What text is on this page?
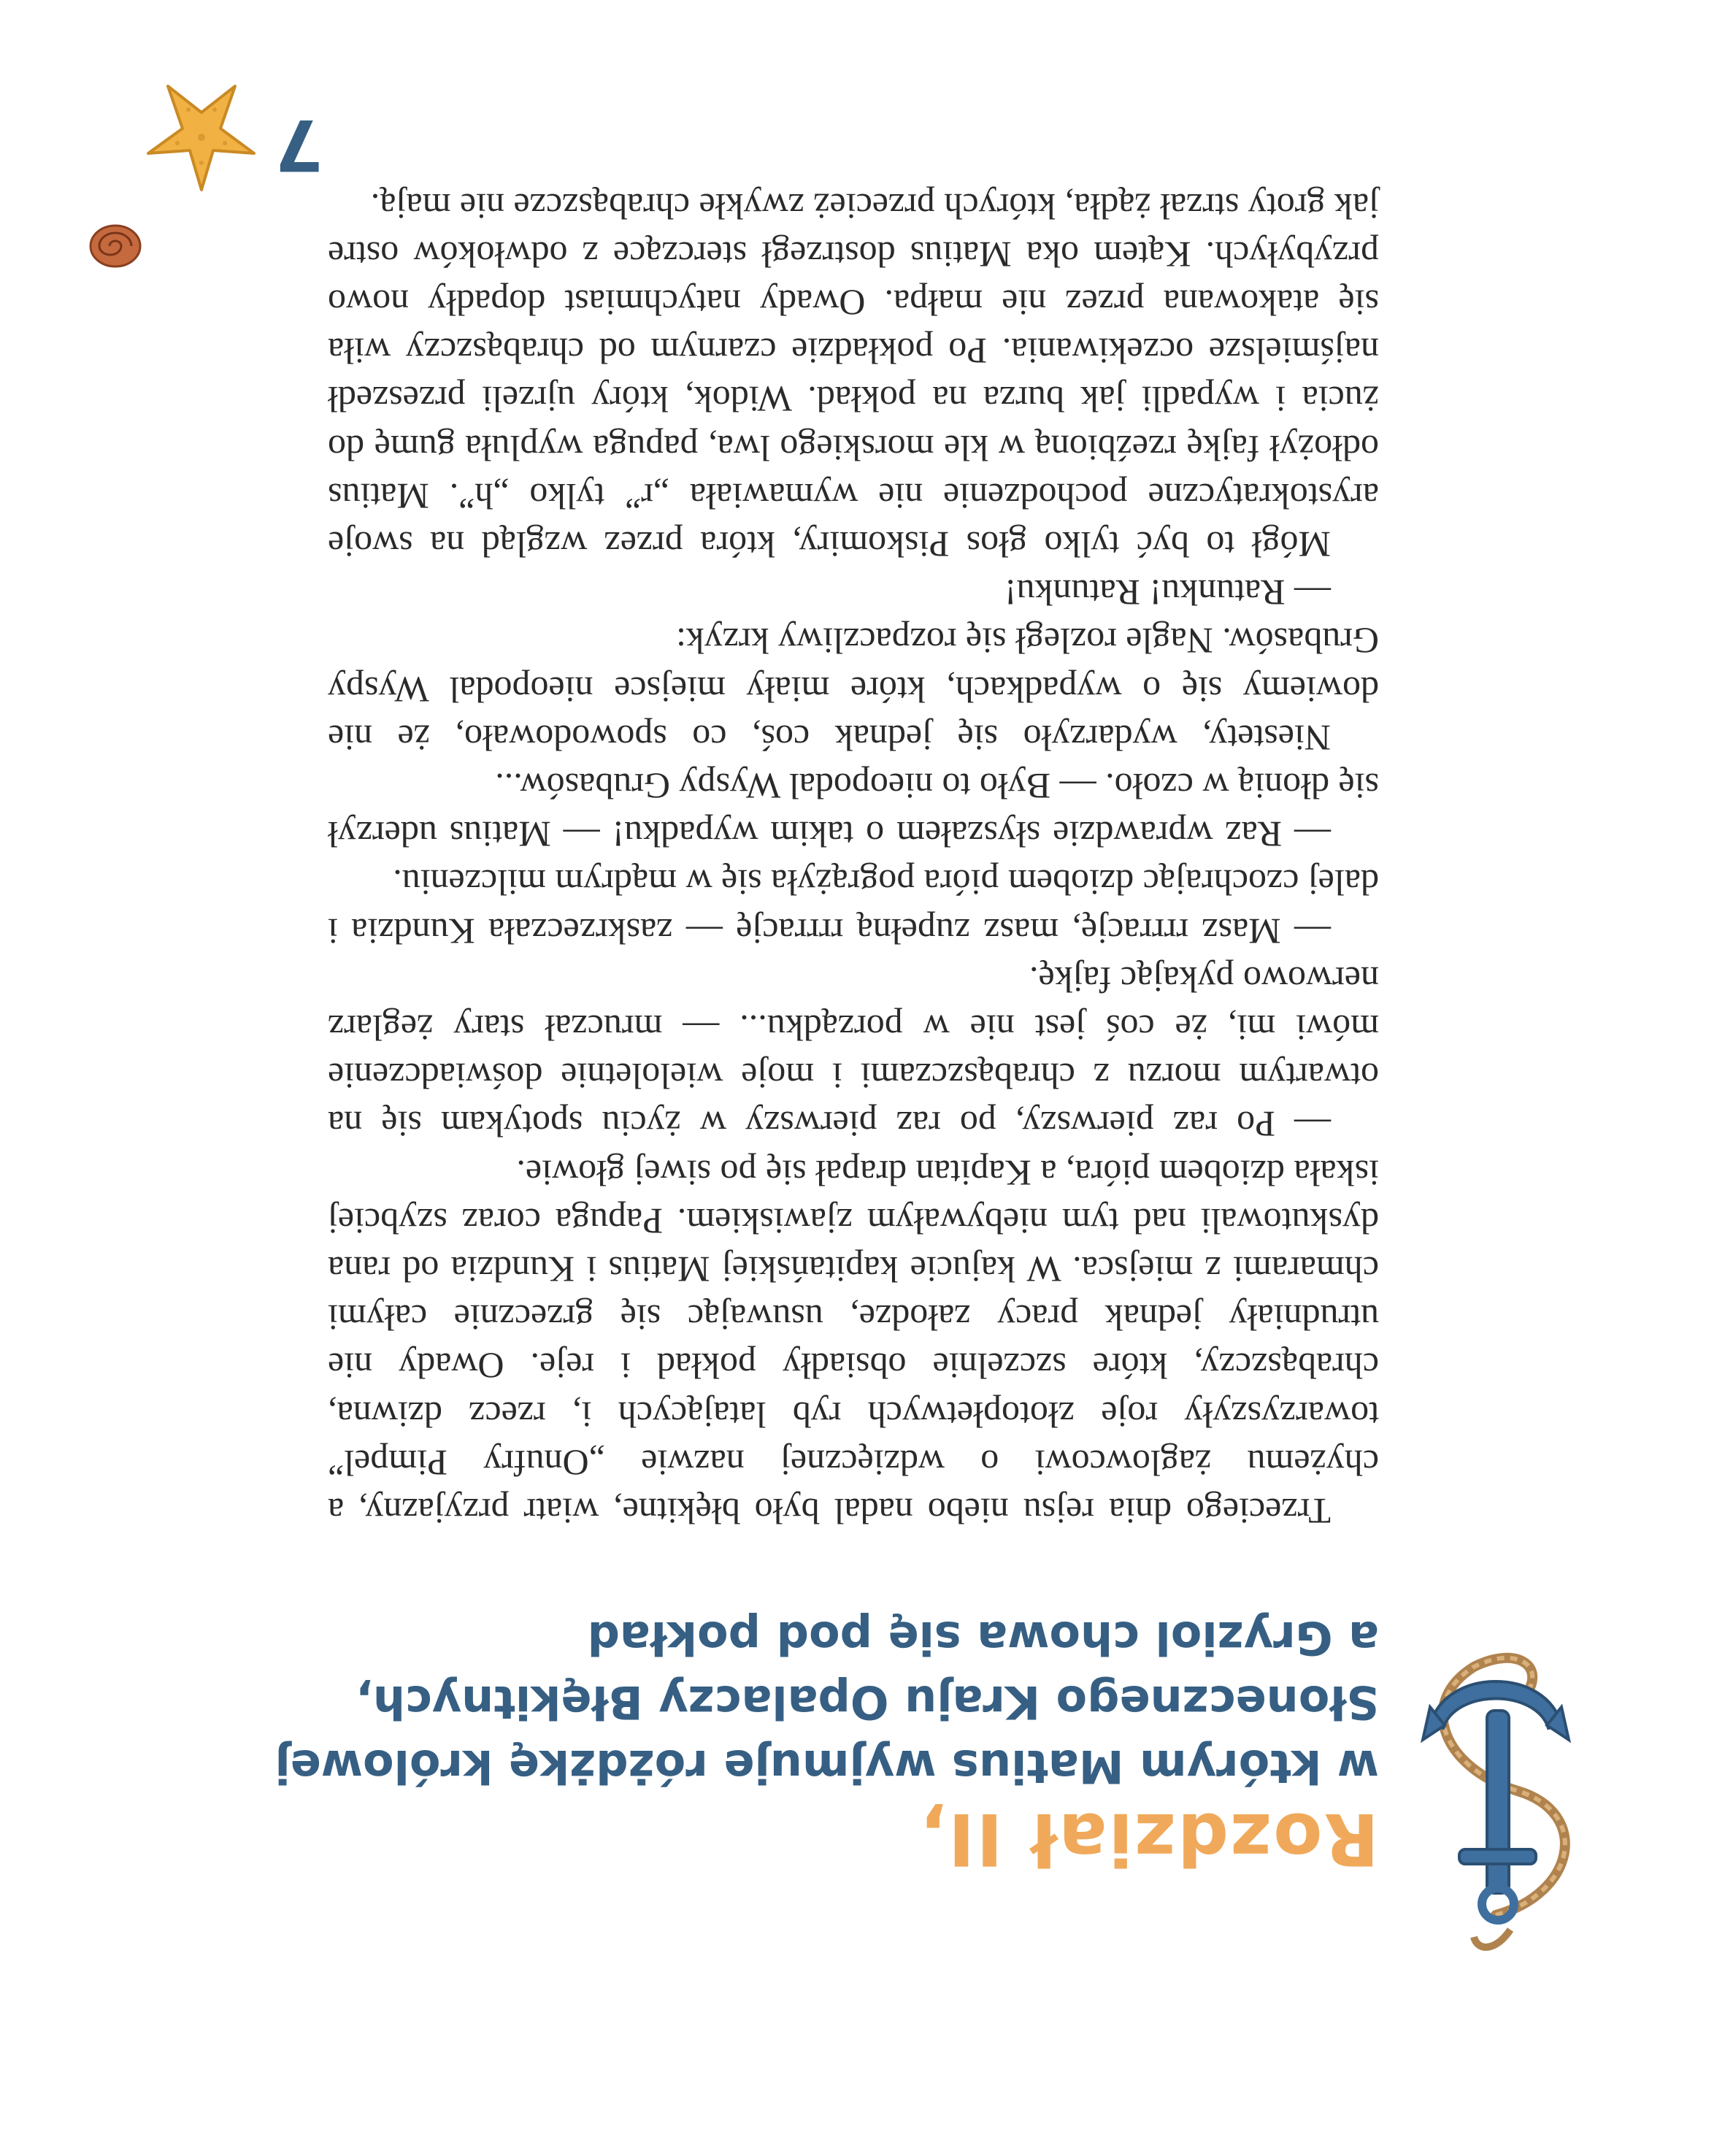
Rozdział II,
w którym Matius wyjmuje różdżkę królowej
Słonecznego Kraju Opalaczy Błękitnych,
a Gryziol chowa się pod pokład

Trzeciego dnia rejsu niebo nadal było błękitne, wiatr przyjazny, a chyżemu żaglowcowi o wdzięcznej nazwie „Onufry Pimpel” towarzyszyły roje złotopłetwych ryb latających i, rzecz dziwna, chrabąszczy, które szczelnie obsiadły pokład i reje. Owady nie utrudniały jednak pracy załodze, usuwając się grzecznie całymi chmarami z miejsca. W kajucie kapitańskiej Matius i Kundzia od rana dyskutowali nad tym niebywałym zjawiskiem. Papuga coraz szybciej iskała dziobem pióra, a Kapitan drapał się po siwej głowie.

— Po raz pierwszy, po raz pierwszy w życiu spotykam się na otwartym morzu z chrabąszczami i moje wieloletnie doświadczenie mówi mi, że coś jest nie w porządku... — mruczał stary żeglarz nerwowo pykając fajkę.

— Masz rrrrację, masz zupełną rrrrację — zaskrzeczała Kundzia i dalej czochrając dziobem pióra pogrążyła się w mądrym milczeniu.

— Raz wprawdzie słyszałem o takim wypadku! — Matius uderzył się dłonią w czoło. — Było to nieopodal Wyspy Grubasów...

Niestety, wydarzyło się jednak coś, co spowodowało, że nie dowiemy się o wypadkach, które miały miejsce nieopodal Wyspy Grubasów. Nagle rozległ się rozpaczliwy krzyk:

— Ratunku! Ratunku!

Mógł to być tylko głos Piskomiry, która przez wzgląd na swoje arystokratyczne pochodzenie nie wymawiała „r” tylko „h”. Matius odłożył fajkę rzeźbioną w kle morskiego lwa, papuga wypluła gumę do żucia i wypadli jak burza na pokład. Widok, który ujrzeli przeszedł najśmielsze oczekiwania. Po pokładzie czarnym od chrabąszczy wiła się atakowana przez nie małpa. Owady natychmiast dopadły nowo przybyłych. Kątem oka Matius dostrzegł sterczące z odwłoków ostre jak groty strzał żądła, których przecież zwykłe chrabąszcze nie mają.

7
